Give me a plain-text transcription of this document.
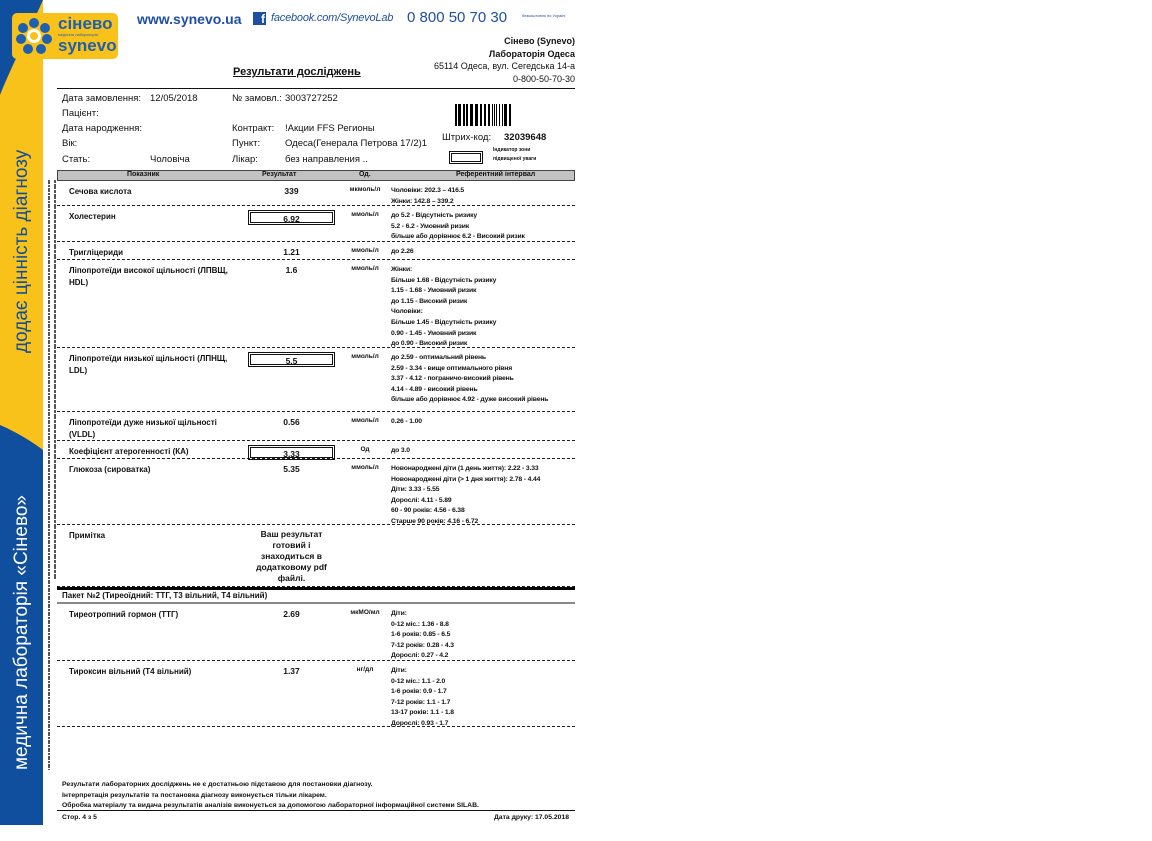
додає цінність діагнозу
медична лабораторія «Сінево»
сінево
медична лабораторія
synevo
www.synevo.ua	f facebook.com/SynevoLab 0 800 50 70 30	безкоштовно по Україні
Сінево (Synevo)
Лабораторія Одеса
65114 Одеса, вул. Сегедська 14-а
0-800-50-70-30
Результати досліджень
Дата замовлення: 12/05/2018	№ замовл.: 3003727252
Пацієнт:
Дата народження:	Контракт: !Акции FFS Регионы
Вік:	Пункт:	Одеса(Генерала Петрова 17/2)1
Стать:	Чоловіча	Лікар:	без направления ..
Штрих-код: 32039648
Індикатор зони
підвищеної уваги
Показник	Результат	Од.	Референтний інтервал
Сечова кислота	339	мкмоль/л	Чоловіки: 202.3 – 416.5
Жінки: 142.8 – 339.2
Холестерин	6.92	ммоль/л	до 5.2 - Відсутність ризику
5.2 - 6.2 - Умовний ризик
більше або дорівнює 6.2 - Високий ризик
Тригліцериди	1.21	ммоль/л	до 2.26
Ліпопротеїди високої щільності (ЛПВЩ, HDL)
1.6	ммоль/л	Жінки:
Більше 1.68 - Відсутність ризику
1.15 - 1.68 - Умовний ризик
до 1.15 - Високий ризик
Чоловіки:
Більше 1.45 - Відсутність ризику
0.90 - 1.45 - Умовний ризик
до 0.90 - Високий ризик
Ліпопротеїди низької щільності (ЛПНЩ, LDL)
5.5	ммоль/л	до 2.59 - оптимальний рівень
2.59 - 3.34 - вище оптимального рівня
3.37 - 4.12 - пограничо-високий рівень
4.14 - 4.89 - високий рівень
більше або дорівнює 4.92 - дуже високий рівень
Ліпопротеїди дуже низької щільності (VLDL)
0.56	ммоль/л	0.26 - 1.00
Коефіцієнт атерогенності (КА)	3.33	Од	до 3.0
Глюкоза (сироватка)	5.35	ммоль/л	Новонароджені діти (1 день життя): 2.22 - 3.33
Новонароджені діти (> 1 дня життя): 2.78 - 4.44
Діти: 3.33 - 5.55
Дорослі: 4.11 - 5.89
60 - 90 років: 4.56 - 6.38
Старше 90 років: 4.16 - 6.72
Примітка	Ваш результат готовий і знаходиться в додатковому pdf файлі.
Пакет №2 (Тиреоїдний: ТТГ, Т3 вільний, Т4 вільний)
Тиреотропний гормон (ТТГ)	2.69	мкМО/мл	Діти:
0-12 міс.: 1.36 - 8.8
1-6 років: 0.85 - 6.5
7-12 років: 0.28 - 4.3
Дорослі: 0.27 - 4.2
Тироксин вільний (Т4 вільний)	1.37	нг/дл	Діти:
0-12 міс.: 1.1 - 2.0
1-6 років: 0.9 - 1.7
7-12 років: 1.1 - 1.7
13-17 років: 1.1 - 1.8
Дорослі: 0.93 - 1.7
Результати лабораторних досліджень не є достатньою підставою для постановки діагнозу.
Інтерпретація результатів та постановка діагнозу виконується тільки лікарем.
Обробка матеріалу та видача результатів аналізів виконується за допомогою лабораторної інформаційної системи SILAB.
Стор. 4 з 5	Дата друку: 17.05.2018
